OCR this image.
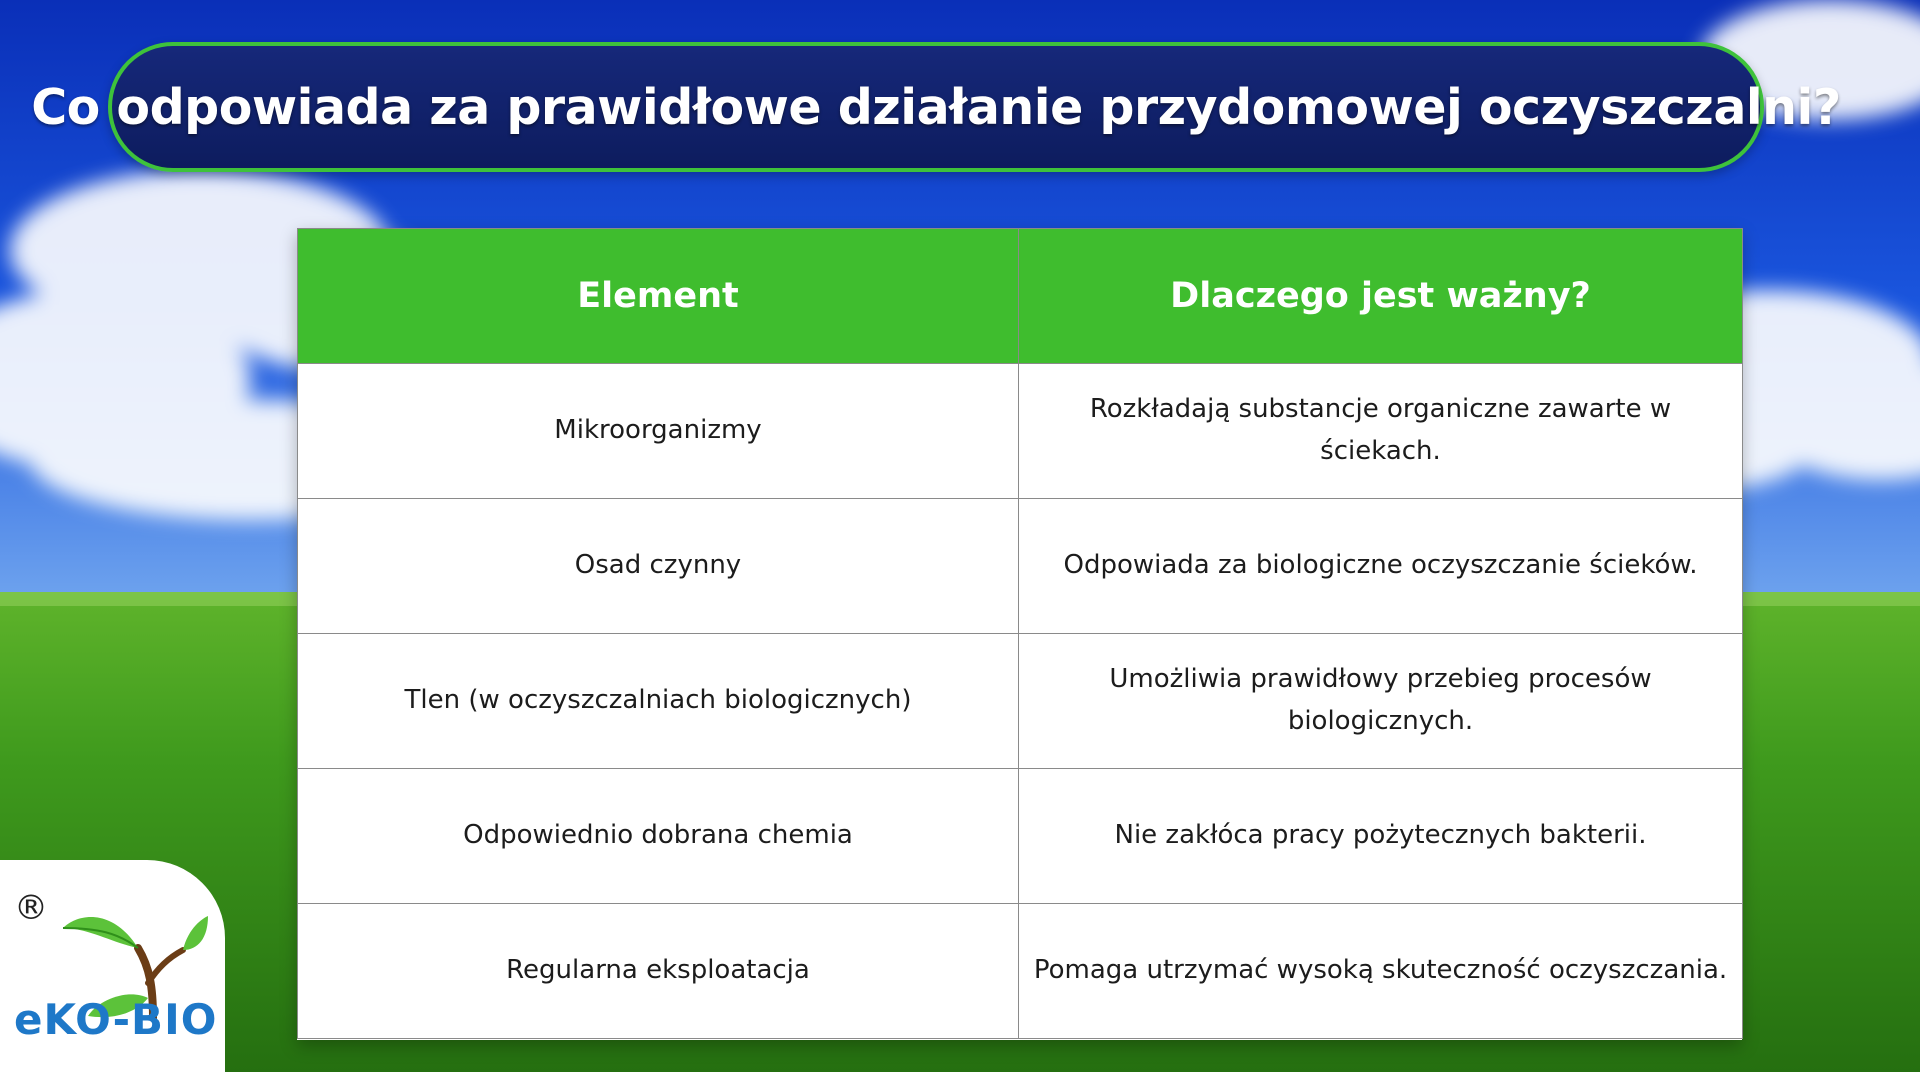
Co odpowiada za prawidłowe działanie przydomowej oczyszczalni?
Element	Dlaczego jest ważny?
Mikroorganizmy	Rozkładają substancje organiczne zawarte w ściekach.
Osad czynny	Odpowiada za biologiczne oczyszczanie ścieków.
Tlen (w oczyszczalniach biologicznych)	Umożliwia prawidłowy przebieg procesów biologicznych.
Odpowiednio dobrana chemia	Nie zakłóca pracy pożytecznych bakterii.
Regularna eksploatacja	Pomaga utrzymać wysoką skuteczność oczyszczania.
®
eKO-BIO
